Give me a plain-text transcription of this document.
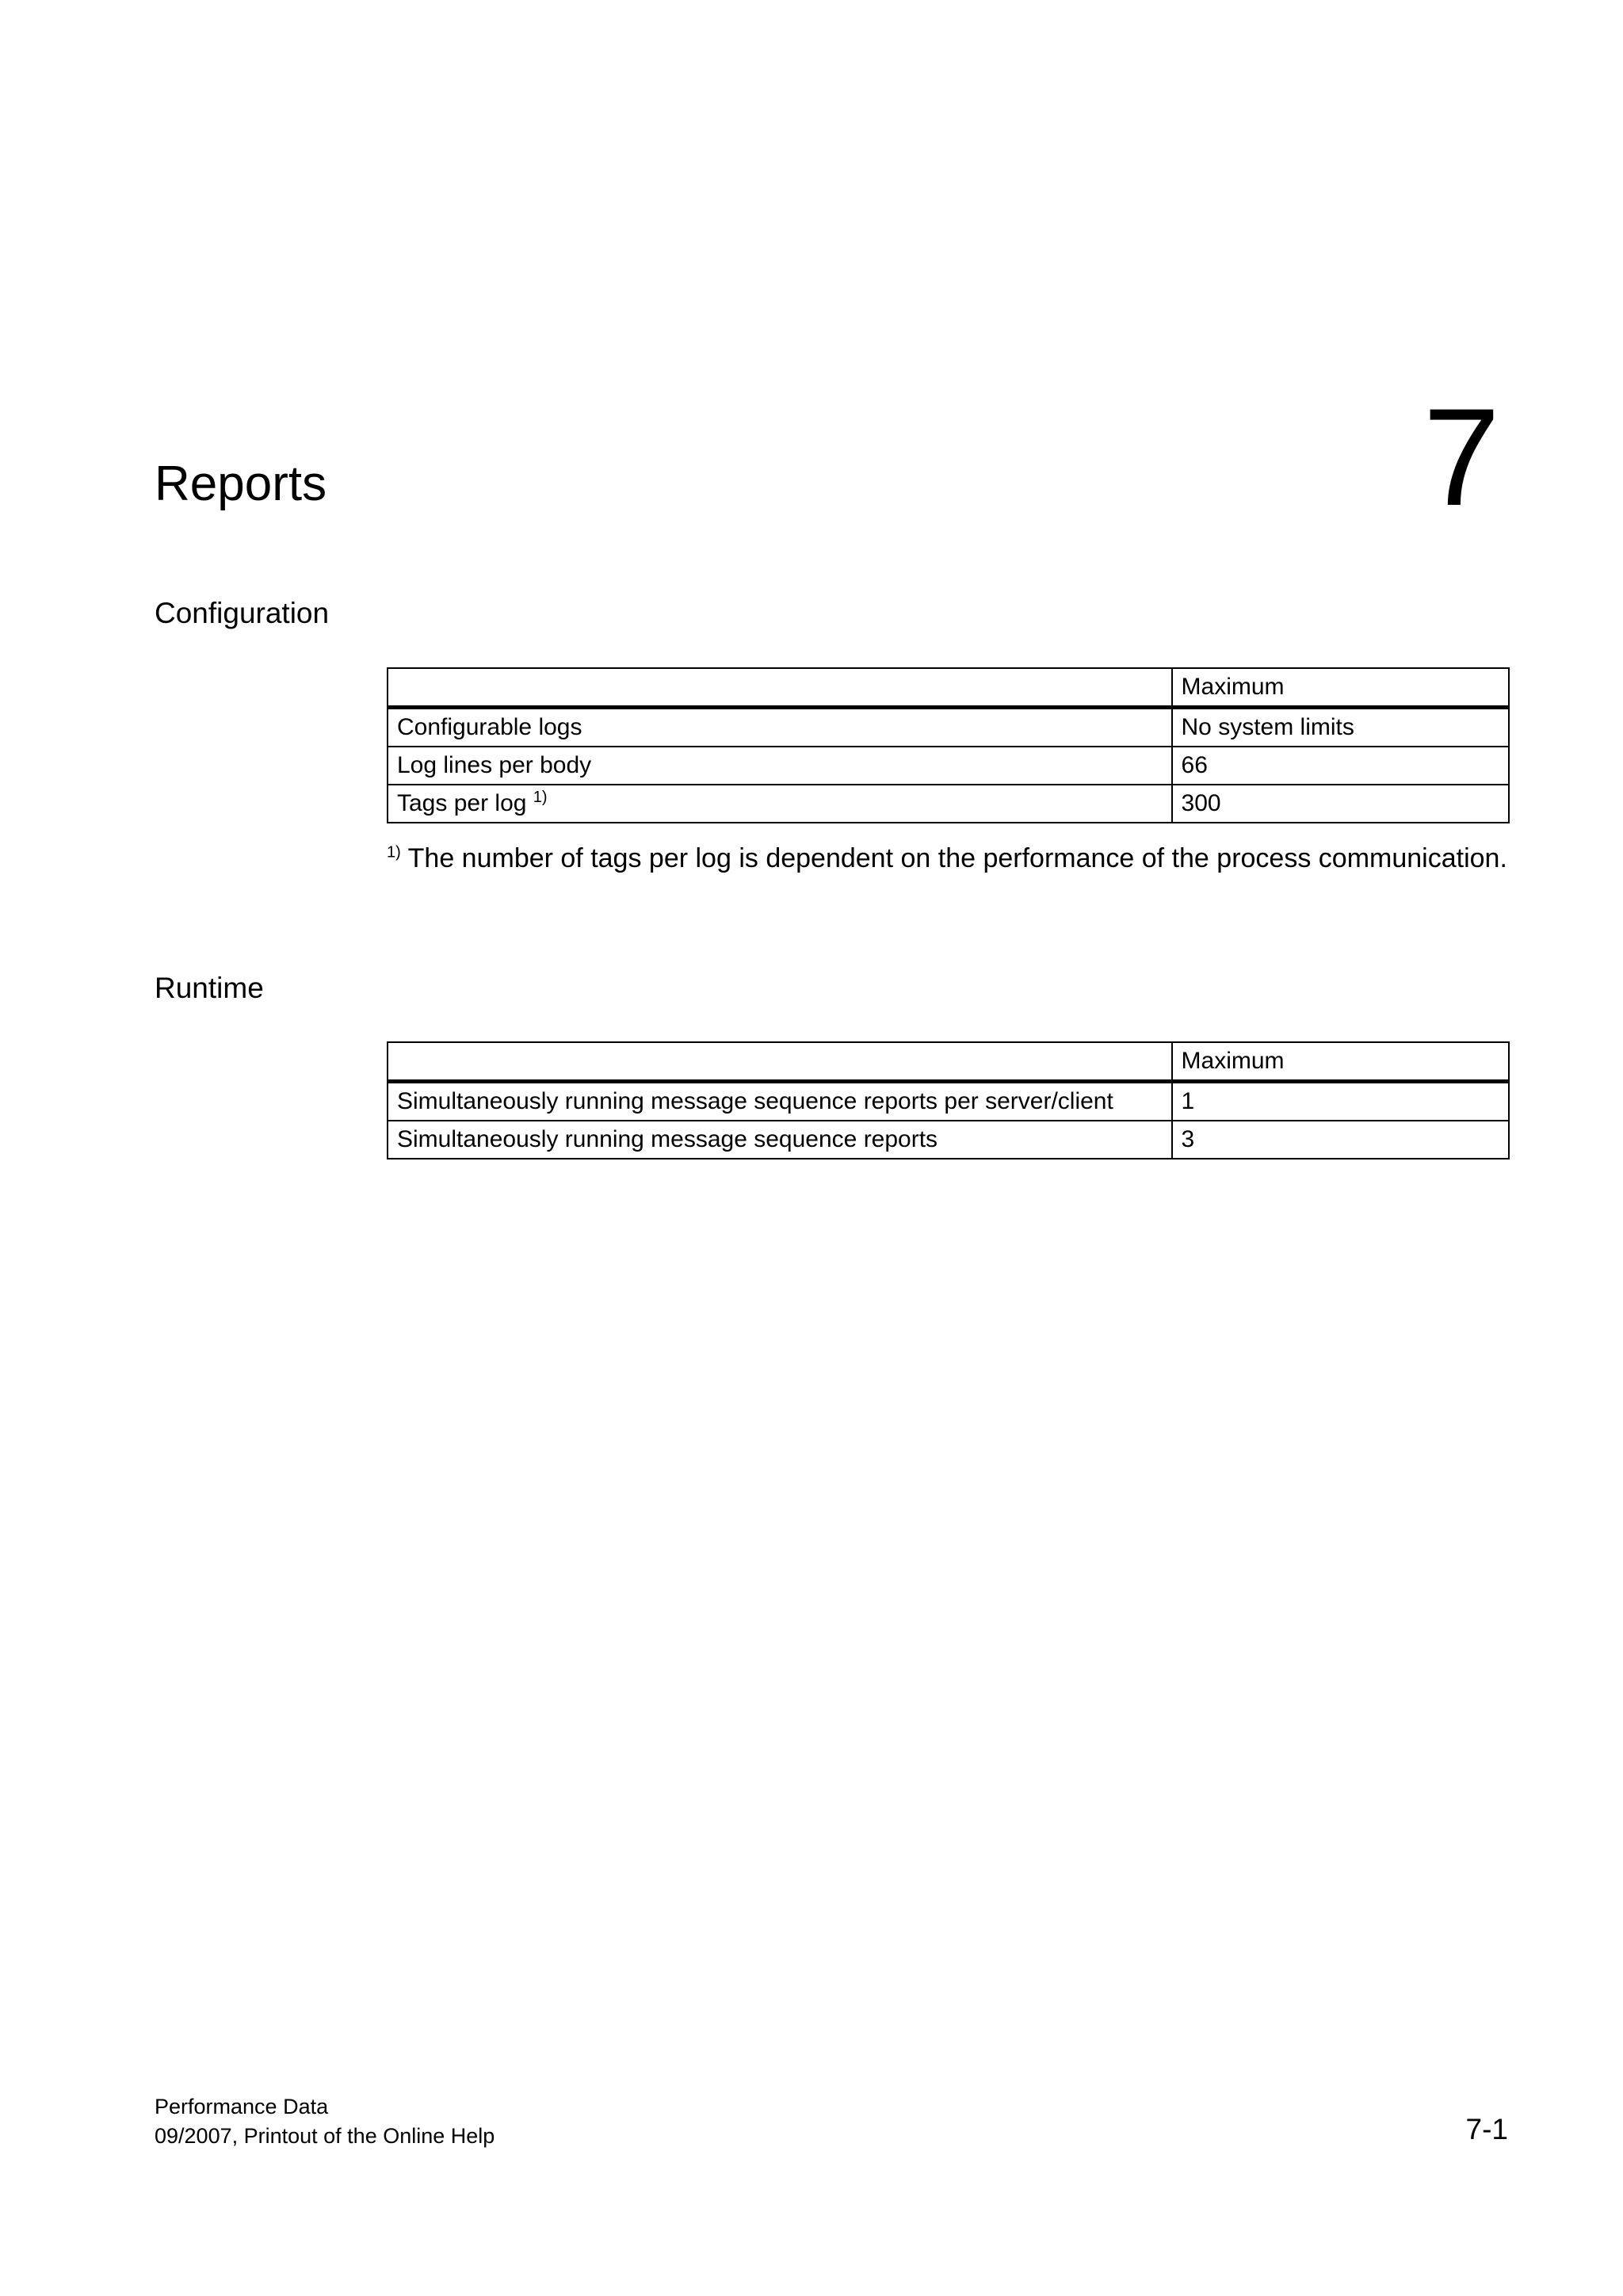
Reports	7
Configuration
	Maximum
Configurable logs	No system limits
Log lines per body	66
Tags per log $^{1)}$	300

$^{1)}$ The number of tags per log is dependent on the performance of the process communication.

Runtime
	Maximum
Simultaneously running message sequence reports per server/client	1
Simultaneously running message sequence reports	3
Performance Data
09/2007, Printout of the Online Help	7-1
